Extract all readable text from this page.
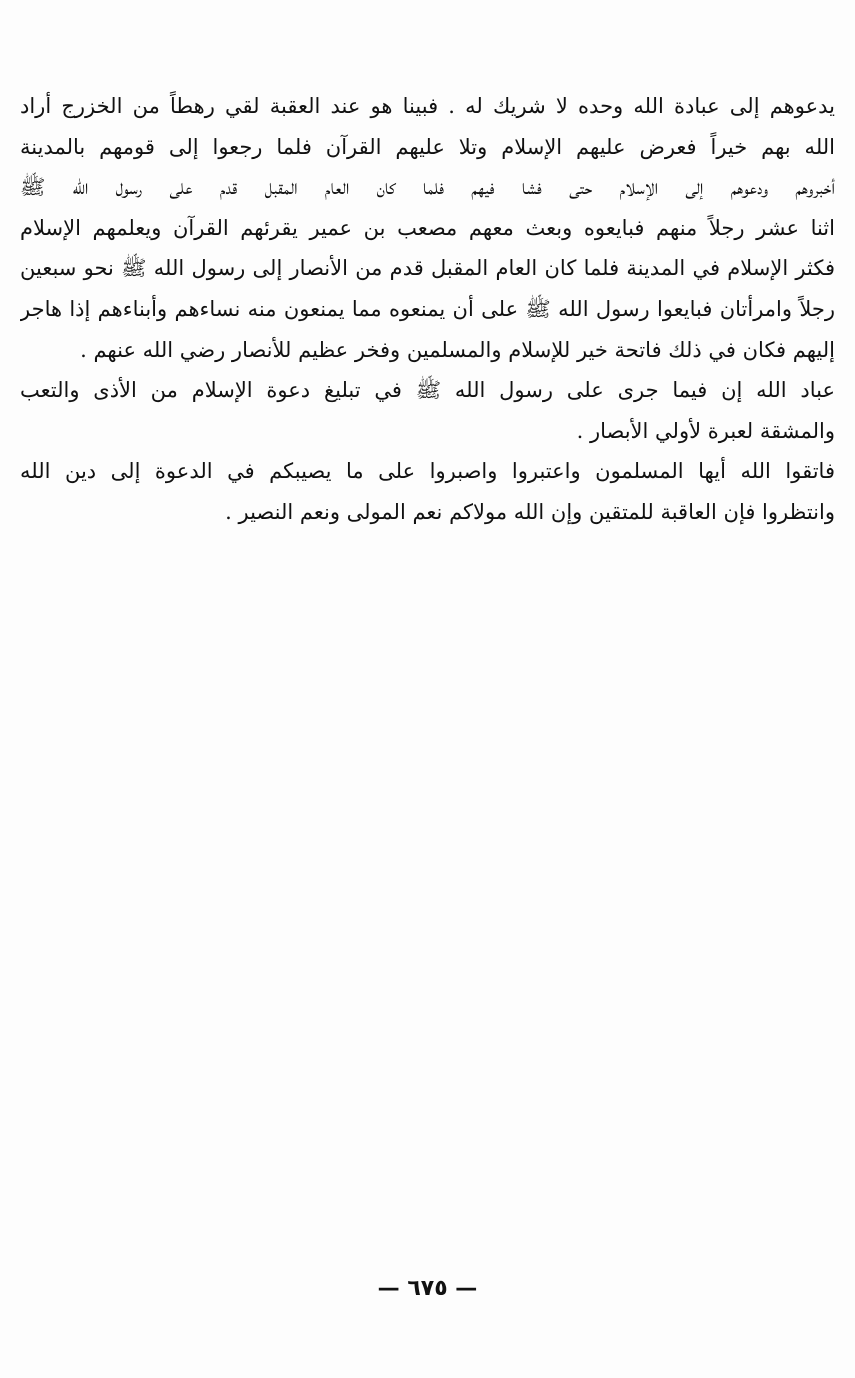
يدعوهم إلى عبادة الله وحده لا شريك له . فبينا هو عند العقبة لقي رهطاً من الخزرج أراد
الله بهم خيراً فعرض عليهم الإسلام وتلا عليهم القرآن فلما رجعوا إلى قومهم بالمدينة
أخبروهم ودعوهم إلى الإسلام حتى فشا فيهم فلما كان العام المقبل قدم على رسول الله ﷺ
اثنا عشر رجلاً منهم فبايعوه وبعث معهم مصعب بن عمير يقرئهم القرآن ويعلمهم الإسلام
فكثر الإسلام في المدينة فلما كان العام المقبل قدم من الأنصار إلى رسول الله ﷺ نحو سبعين
رجلاً وامرأتان فبايعوا رسول الله ﷺ على أن يمنعوه مما يمنعون منه نساءهم وأبناءهم إذا هاجر
إليهم فكان في ذلك فاتحة خير للإسلام والمسلمين وفخر عظيم للأنصار رضي الله عنهم .
عباد الله إن فيما جرى على رسول الله ﷺ في تبليغ دعوة الإسلام من الأذى والتعب
والمشقة لعبرة لأولي الأبصار .
فاتقوا الله أيها المسلمون واعتبروا واصبروا على ما يصيبكم في الدعوة إلى دين الله
وانتظروا فإن العاقبة للمتقين وإن الله مولاكم نعم المولى ونعم النصير .
— ٦٧٥ —
